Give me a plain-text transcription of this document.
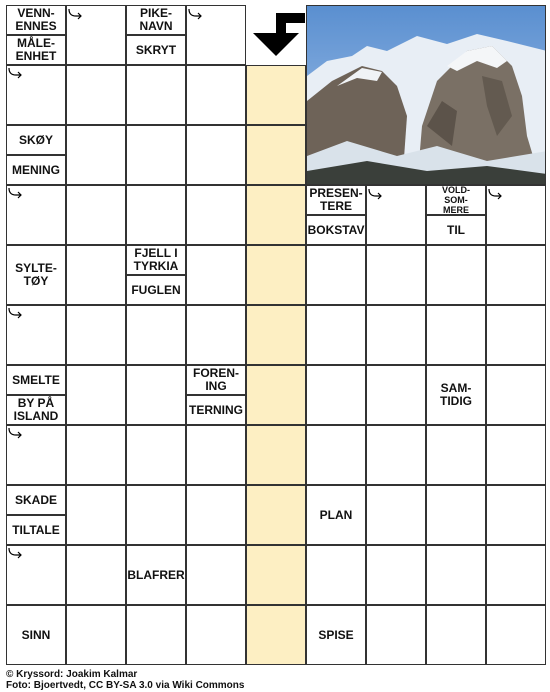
VENN-
ENNES
MÅLE-
ENHET
PIKE-
NAVN
SKRYT
SKØY
MENING
PRESEN-
TERE
BOKSTAV
VOLD-
SOM-
MERE
TIL
SYLTE-
TØY
FJELL I
TYRKIA
FUGLEN
SMELTE
BY PÅ
ISLAND
FOREN-
ING
TERNING
SAM-
TIDIG
SKADE
TILTALE
PLAN
BLAFRER
SINN	SPISE
© Kryssord: Joakim Kalmar
Foto: Bjoertvedt, CC BY-SA 3.0 via Wiki Commons
